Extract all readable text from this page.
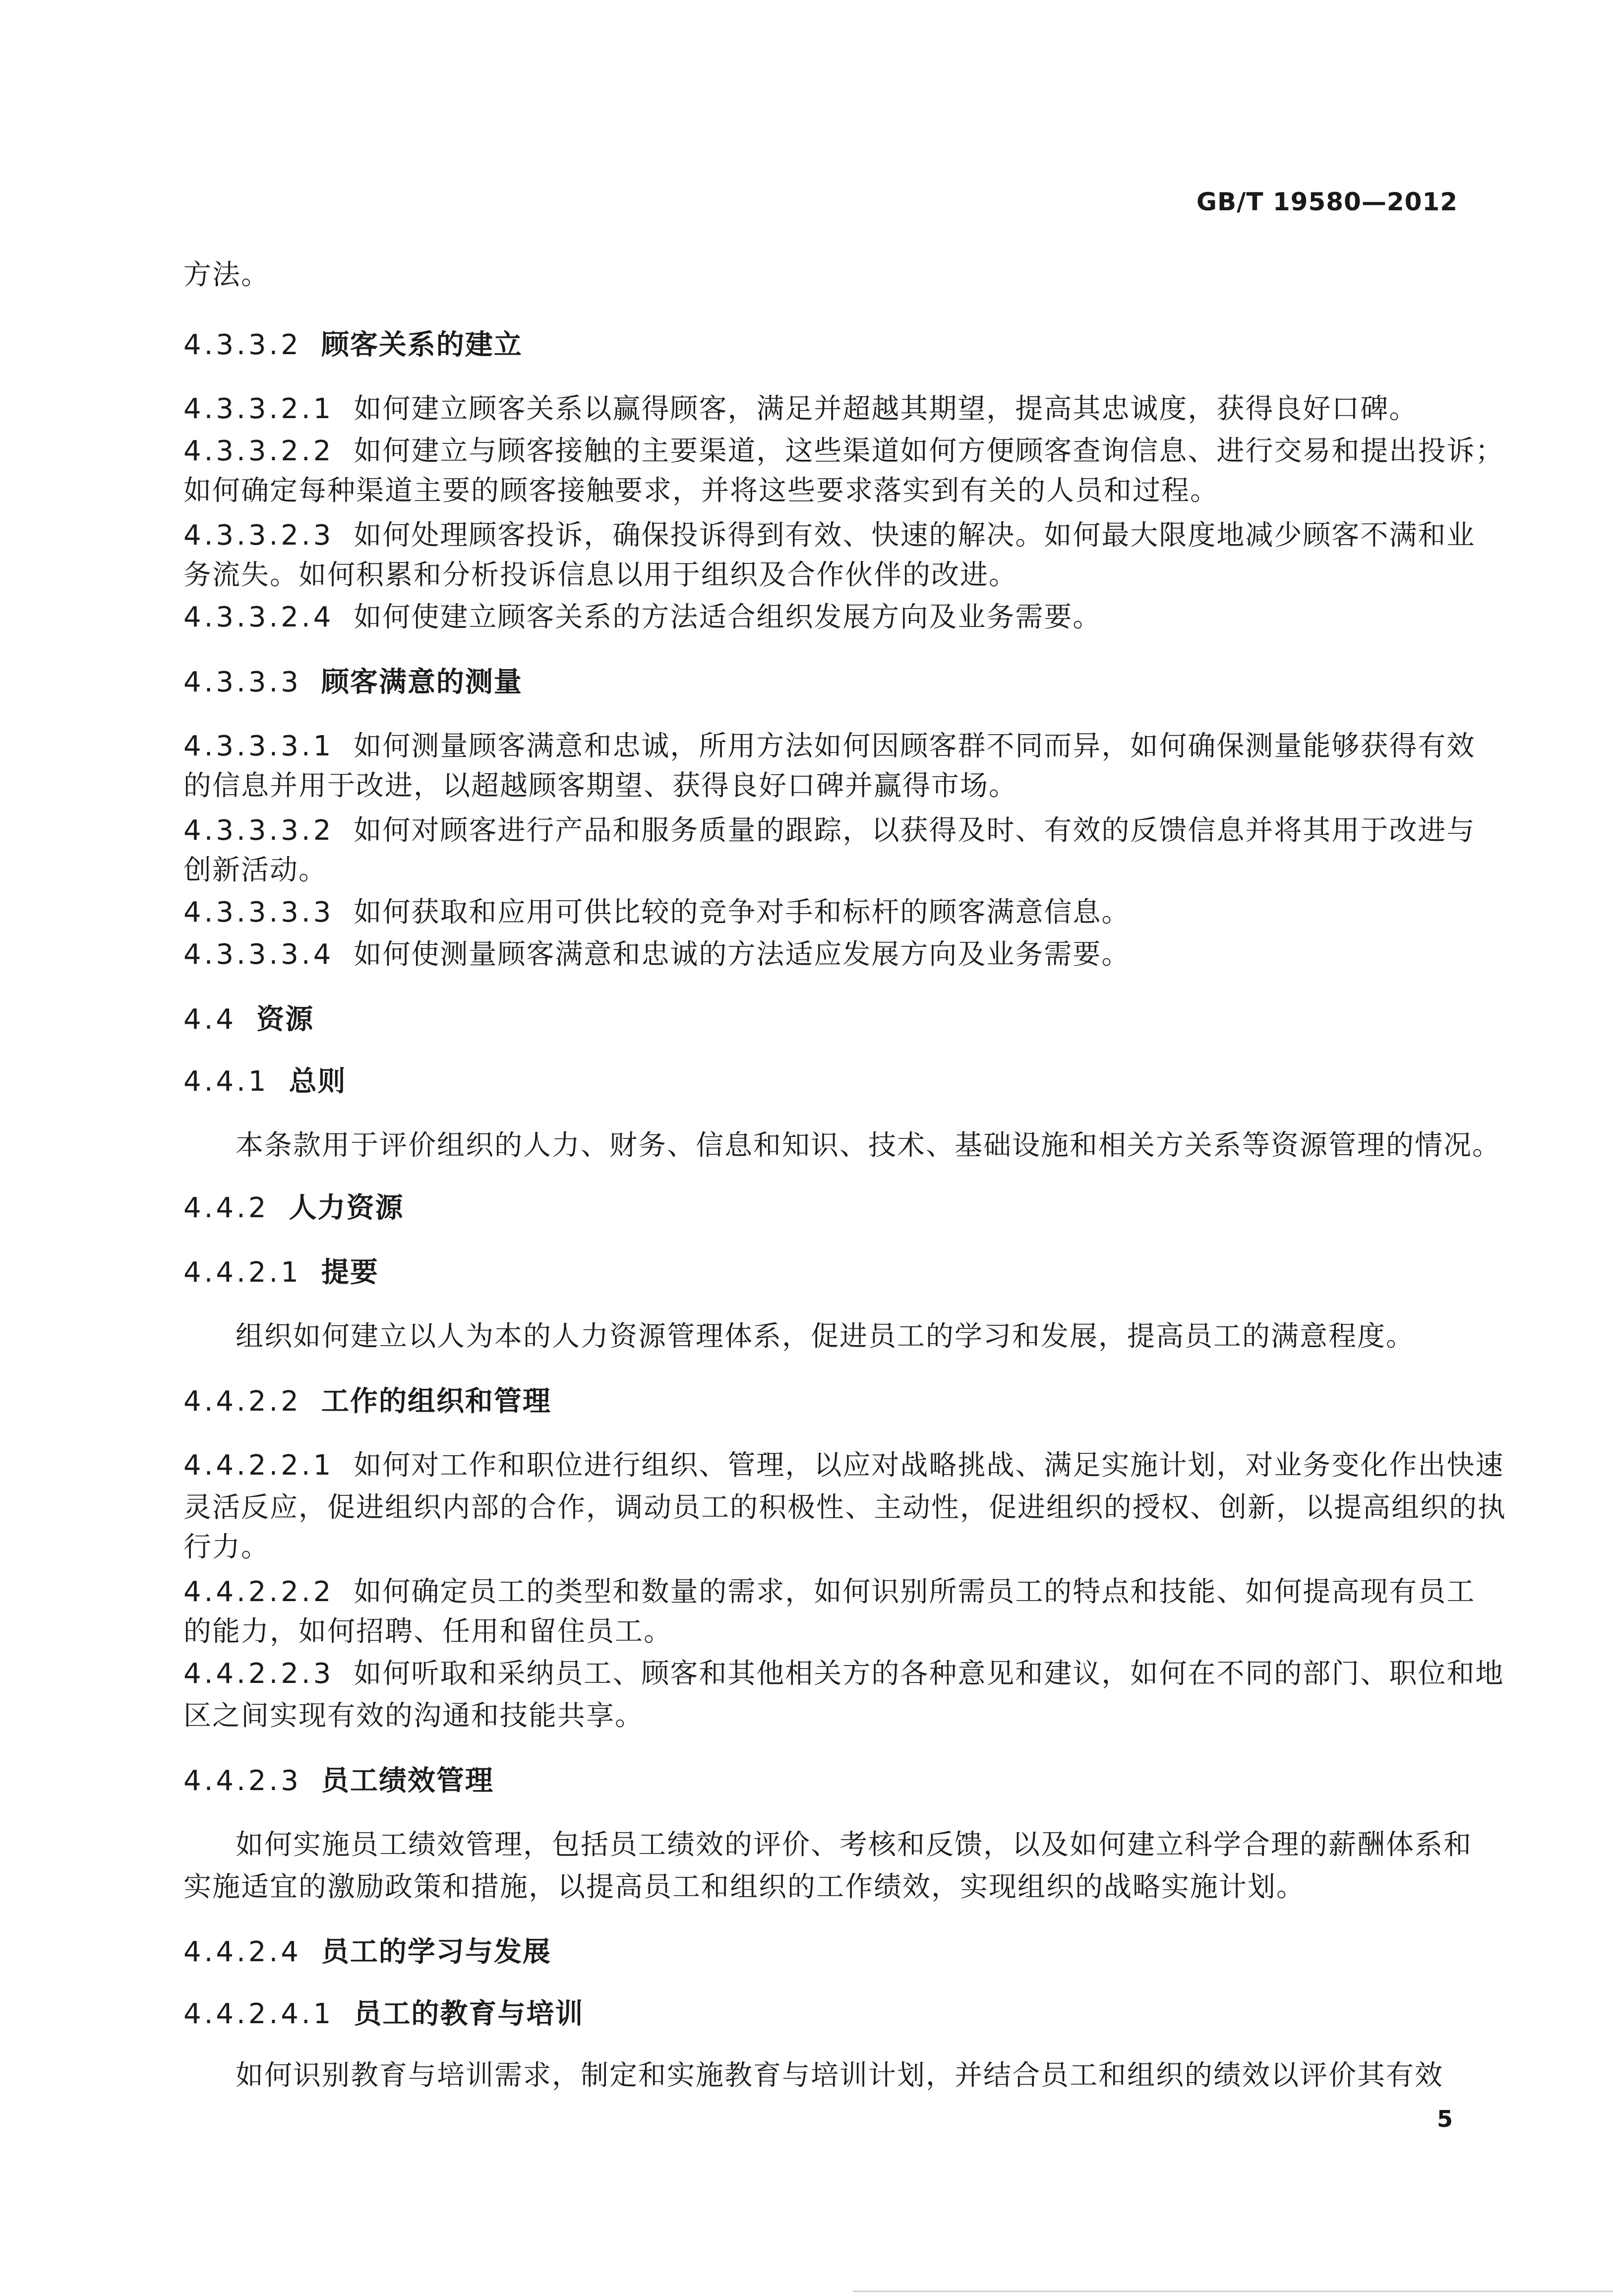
GB/T 19580—2012
方法。
4.3.3.2 顾客关系的建立
4.3.3.2.1 如何建立顾客关系以赢得顾客，满足并超越其期望，提高其忠诚度，获得良好口碑。
4.3.3.2.2 如何建立与顾客接触的主要渠道，这些渠道如何方便顾客查询信息、进行交易和提出投诉；
如何确定每种渠道主要的顾客接触要求，并将这些要求落实到有关的人员和过程。
4.3.3.2.3 如何处理顾客投诉，确保投诉得到有效、快速的解决。如何最大限度地减少顾客不满和业
务流失。如何积累和分析投诉信息以用于组织及合作伙伴的改进。
4.3.3.2.4 如何使建立顾客关系的方法适合组织发展方向及业务需要。
4.3.3.3 顾客满意的测量
4.3.3.3.1 如何测量顾客满意和忠诚，所用方法如何因顾客群不同而异，如何确保测量能够获得有效
的信息并用于改进，以超越顾客期望、获得良好口碑并赢得市场。
4.3.3.3.2 如何对顾客进行产品和服务质量的跟踪，以获得及时、有效的反馈信息并将其用于改进与
创新活动。
4.3.3.3.3 如何获取和应用可供比较的竞争对手和标杆的顾客满意信息。
4.3.3.3.4 如何使测量顾客满意和忠诚的方法适应发展方向及业务需要。
4.4 资源
4.4.1 总则
本条款用于评价组织的人力、财务、信息和知识、技术、基础设施和相关方关系等资源管理的情况。
4.4.2 人力资源
4.4.2.1 提要
组织如何建立以人为本的人力资源管理体系，促进员工的学习和发展，提高员工的满意程度。
4.4.2.2 工作的组织和管理
4.4.2.2.1 如何对工作和职位进行组织、管理，以应对战略挑战、满足实施计划，对业务变化作出快速
灵活反应，促进组织内部的合作，调动员工的积极性、主动性，促进组织的授权、创新，以提高组织的执
行力。
4.4.2.2.2 如何确定员工的类型和数量的需求，如何识别所需员工的特点和技能、如何提高现有员工
的能力，如何招聘、任用和留住员工。
4.4.2.2.3 如何听取和采纳员工、顾客和其他相关方的各种意见和建议，如何在不同的部门、职位和地
区之间实现有效的沟通和技能共享。
4.4.2.3 员工绩效管理
如何实施员工绩效管理，包括员工绩效的评价、考核和反馈，以及如何建立科学合理的薪酬体系和
实施适宜的激励政策和措施，以提高员工和组织的工作绩效，实现组织的战略实施计划。
4.4.2.4 员工的学习与发展
4.4.2.4.1 员工的教育与培训
如何识别教育与培训需求，制定和实施教育与培训计划，并结合员工和组织的绩效以评价其有效
5
